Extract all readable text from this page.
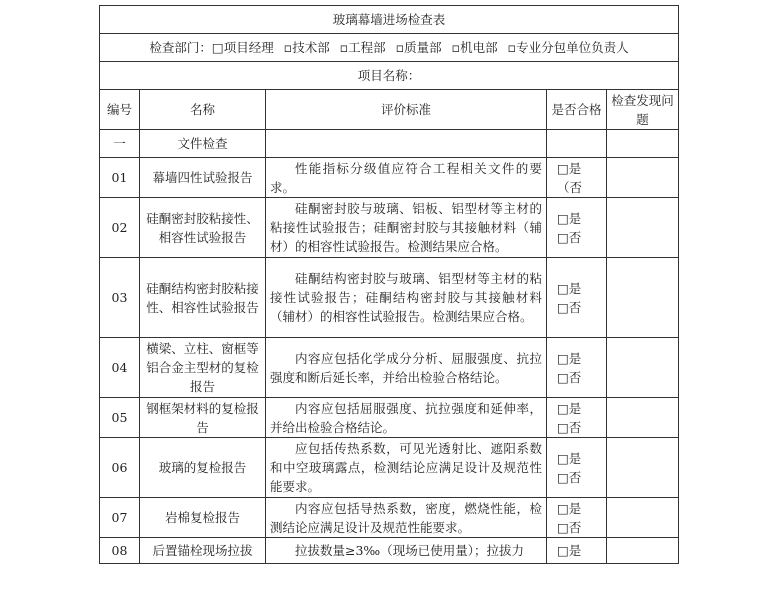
玻璃幕墙进场检查表				
检查部门：□项目经理 ▫技术部 ▫工程部 ▫质量部 ▫机电部 ▫专业分包单位负责人				
项目名称：				
编号	名称	评价标准	是否合格	检查发现问题
一	文件检查			
01	幕墙四性试验报告	性能指标分级值应符合工程相关文件的要求。	□是
（否	

02	硅酮密封胶粘接性、相容性试验报告	硅酮密封胶与玻璃、铝板、铝型材等主材的粘接性试验报告；硅酮密封胶与其接触材料（辅材）的相容性试验报告。检测结果应合格。	□是
□否	

03	硅酮结构密封胶粘接性、相容性试验报告	硅酮结构密封胶与玻璃、铝型材等主材的粘接性试验报告；硅酮结构密封胶与其接触材料（辅材）的相容性试验报告。检测结果应合格。	□是
□否	

04	横梁、立柱、窗框等铝合金主型材的复检报告	内容应包括化学成分分析、屈服强度、抗拉强度和断后延长率，并给出检验合格结论。	□是
□否	

05	钢框架材料的复检报告	内容应包括屈服强度、抗拉强度和延伸率，并给出检验合格结论。	□是
□否	

06	玻璃的复检报告	应包括传热系数，可见光透射比、遮阳系数和中空玻璃露点，检测结论应满足设计及规范性能要求。	□是
□否	

07	岩棉复检报告	内容应包括导热系数，密度，燃烧性能，检测结论应满足设计及规范性能要求。	□是
□否	

08	后置锚栓现场拉拔	拉拔数量≥3‰（现场已使用量）；拉拔力	□是	
